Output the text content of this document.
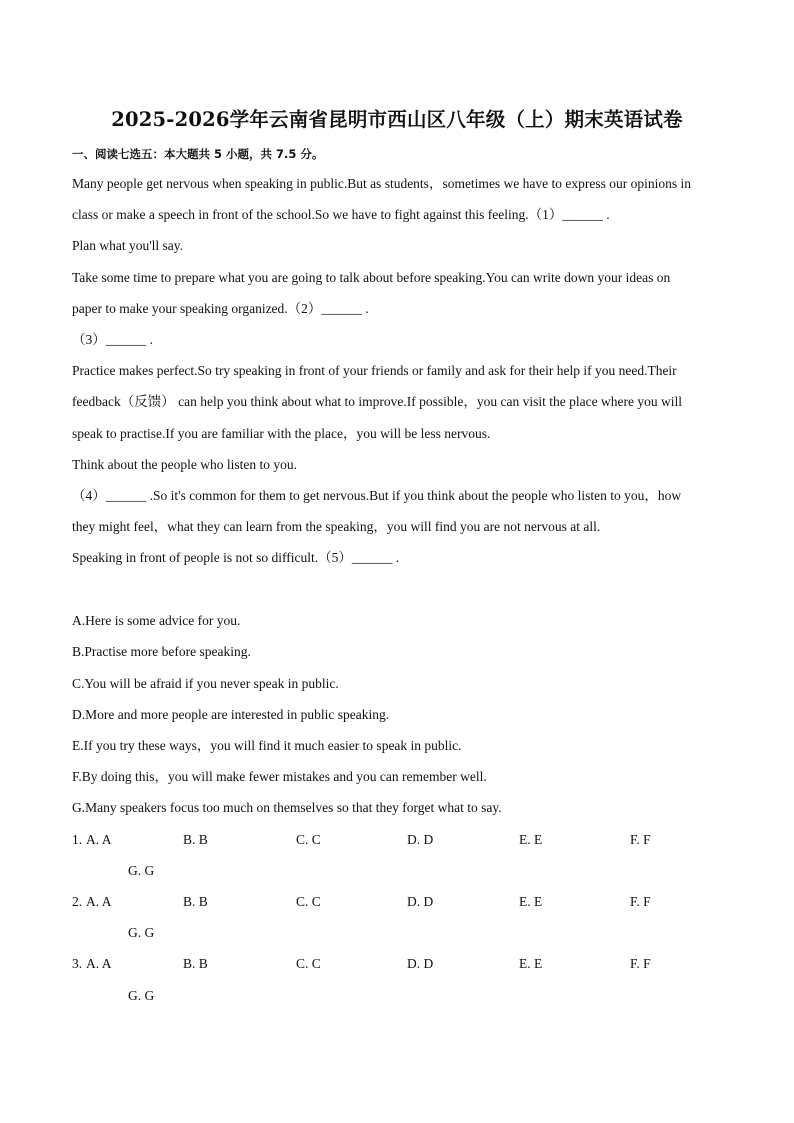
2025-2026学年云南省昆明市西山区八年级（上）期末英语试卷
一、阅读七选五：本大题共 5 小题，共 7.5 分。
Many people get nervous when speaking in public.But as students，sometimes we have to express our opinions in
class or make a speech in front of the school.So we have to fight against this feeling.（1）______ .
Plan what you'll say.
Take some time to prepare what you are going to talk about before speaking.You can write down your ideas on
paper to make your speaking organized.（2）______ .
（3）______ .
Practice makes perfect.So try speaking in front of your friends or family and ask for their help if you need.Their
feedback（反馈） can help you think about what to improve.If possible，you can visit the place where you will
speak to practise.If you are familiar with the place，you will be less nervous.
Think about the people who listen to you.
（4）______ .So it's common for them to get nervous.But if you think about the people who listen to you，how
they might feel，what they can learn from the speaking，you will find you are not nervous at all.
Speaking in front of people is not so difficult.（5）______ .
A.Here is some advice for you.
B.Practise more before speaking.
C.You will be afraid if you never speak in public.
D.More and more people are interested in public speaking.
E.If you try these ways，you will find it much easier to speak in public.
F.By doing this，you will make fewer mistakes and you can remember well.
G.Many speakers focus too much on themselves so that they forget what to say.
1. A. A	B. B	C. C	D. D	E. E	F. F
G. G
2. A. A	B. B	C. C	D. D	E. E	F. F
G. G
3. A. A	B. B	C. C	D. D	E. E	F. F
G. G
